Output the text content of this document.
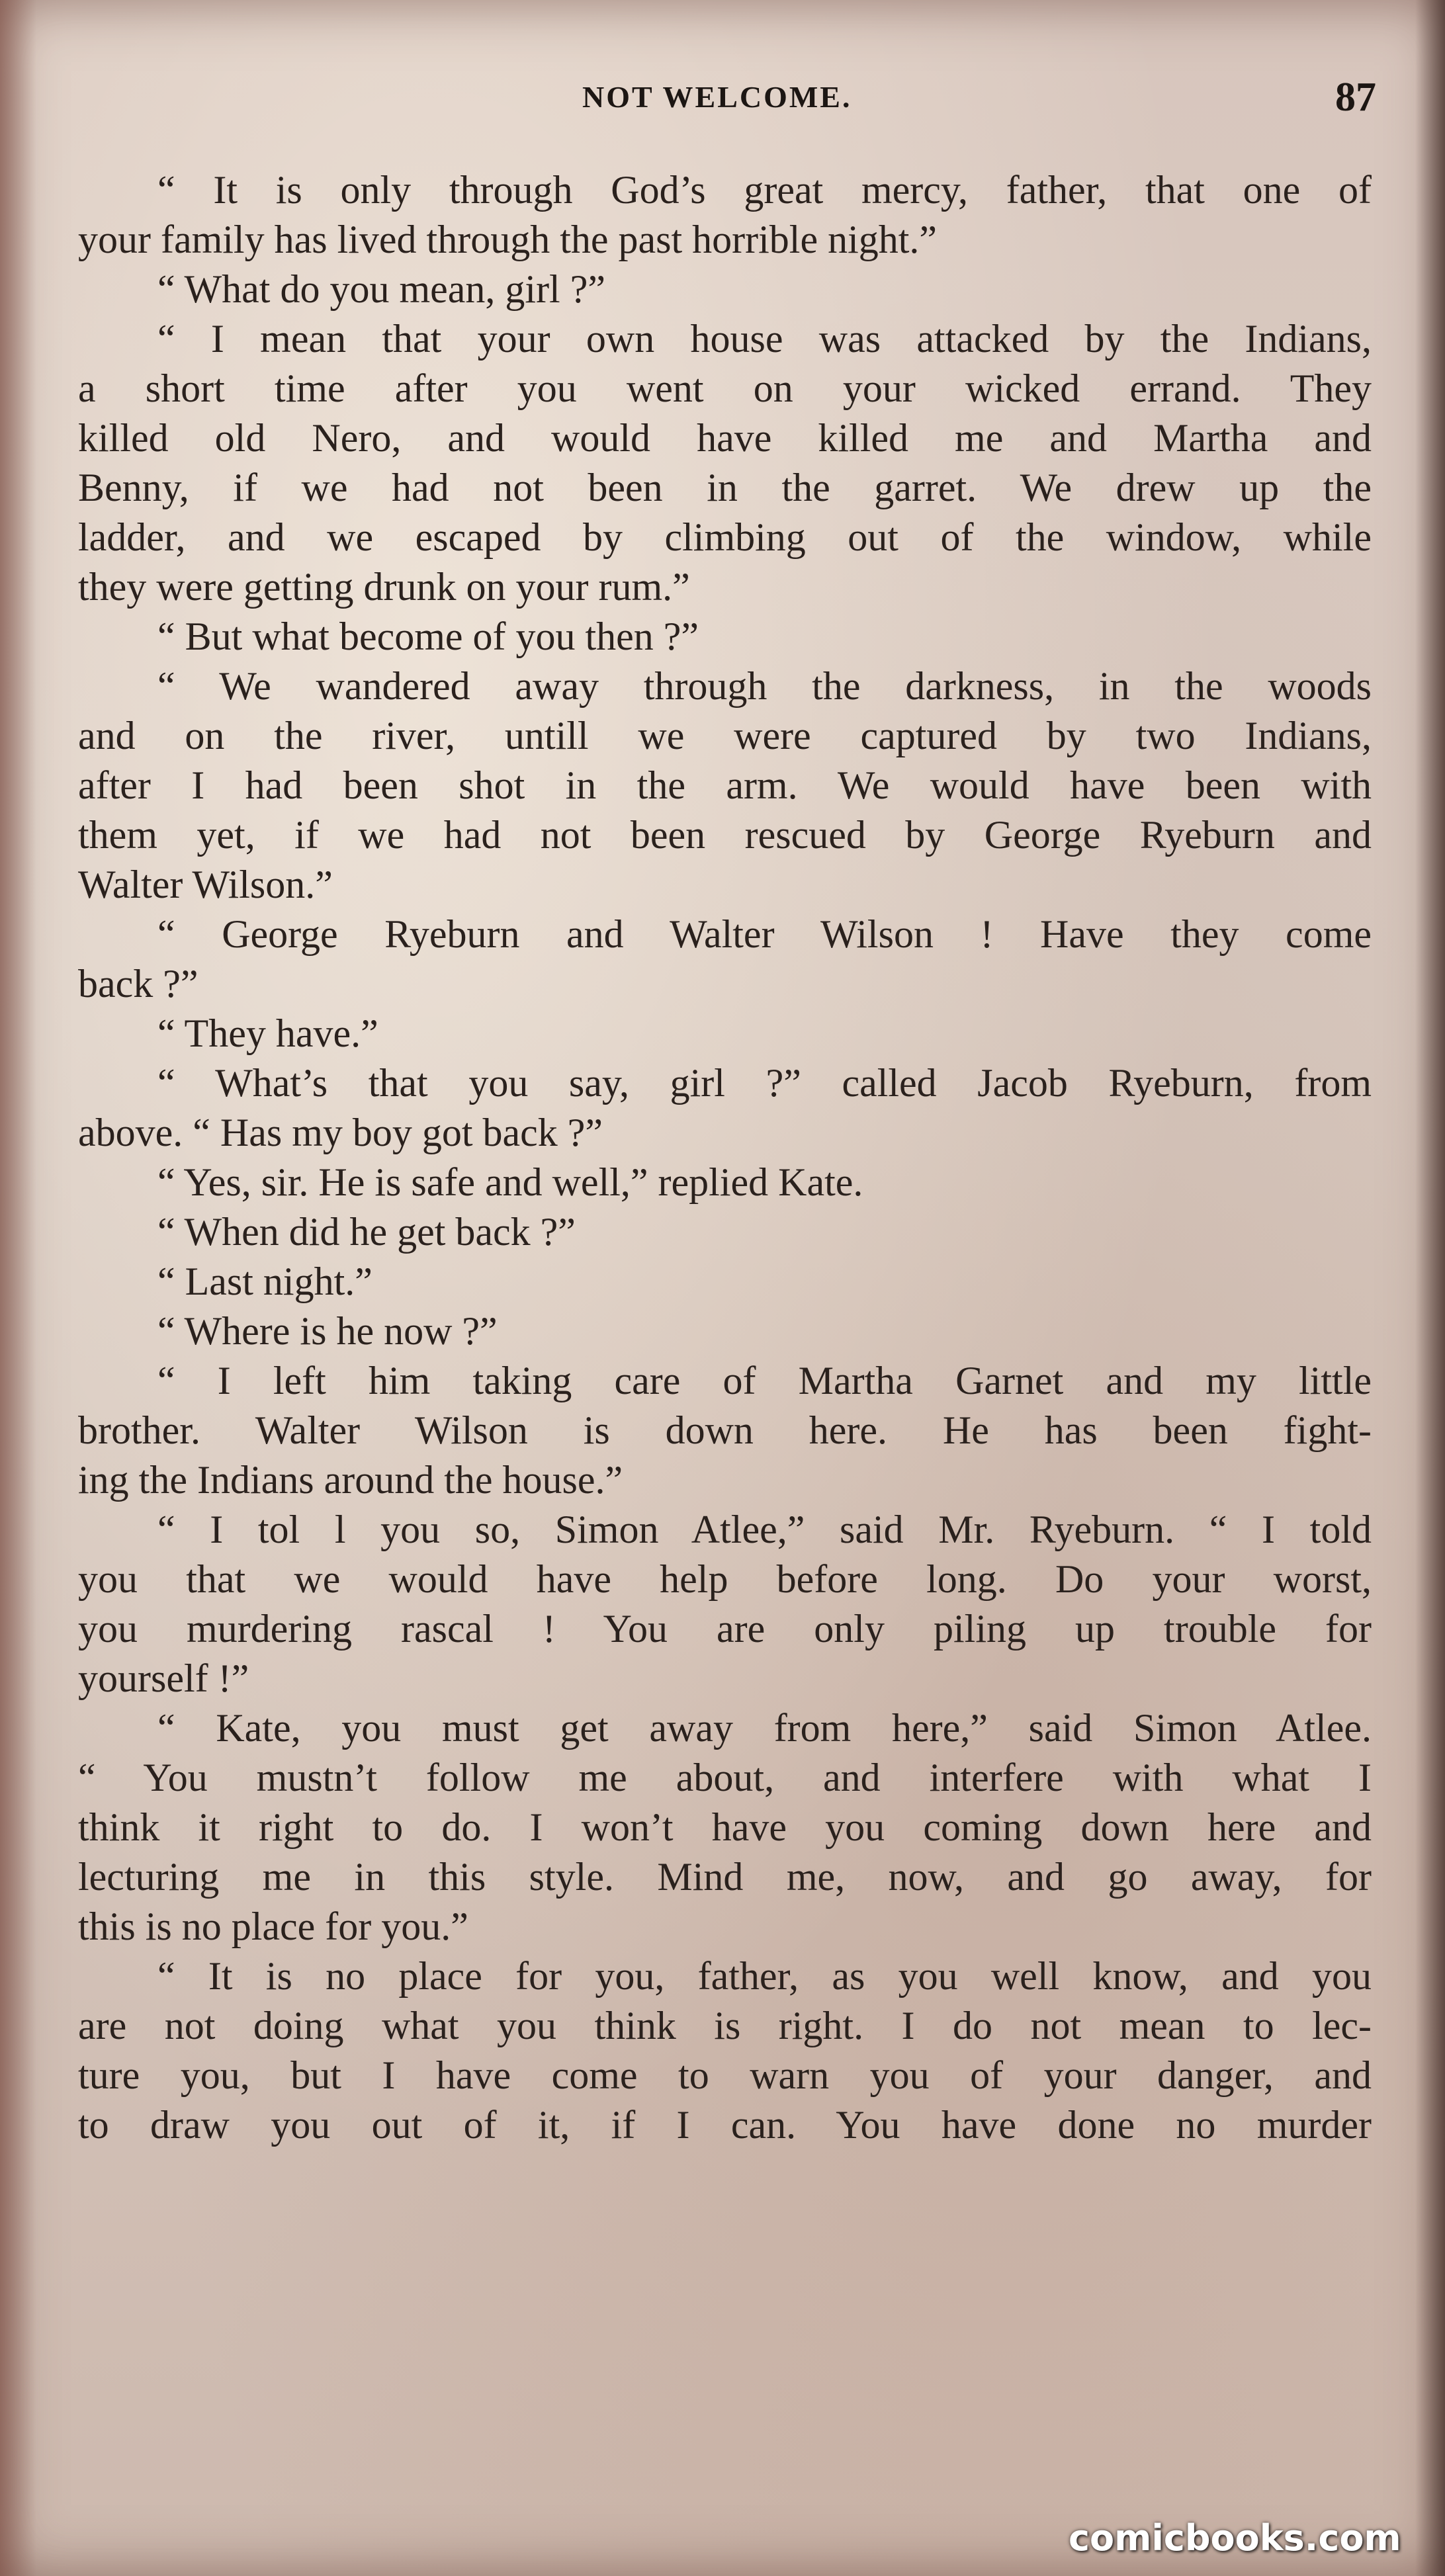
NOT WELCOME.	87
“ It is only through God’s great mercy, father, that one of
your family has lived through the past horrible night.”
“ What do you mean, girl ?”
“ I mean that your own house was attacked by the Indians,
a short time after you went on your wicked errand. They
killed old Nero, and would have killed me and Martha and
Benny, if we had not been in the garret. We drew up the
ladder, and we escaped by climbing out of the window, while
they were getting drunk on your rum.”
“ But what become of you then ?”
“ We wandered away through the darkness, in the woods
and on the river, untill we were captured by two Indians,
after I had been shot in the arm. We would have been with
them yet, if we had not been rescued by George Ryeburn and
Walter Wilson.”
“ George Ryeburn and Walter Wilson ! Have they come
back ?”
“ They have.”
“ What’s that you say, girl ?” called Jacob Ryeburn, from
above. “ Has my boy got back ?”
“ Yes, sir. He is safe and well,” replied Kate.
“ When did he get back ?”
“ Last night.”
“ Where is he now ?”
“ I left him taking care of Martha Garnet and my little
brother. Walter Wilson is down here. He has been fight-
ing the Indians around the house.”
“ I tol l you so, Simon Atlee,” said Mr. Ryeburn. “ I told
you that we would have help before long. Do your worst,
you murdering rascal ! You are only piling up trouble for
yourself !”
“ Kate, you must get away from here,” said Simon Atlee.
“ You mustn’t follow me about, and interfere with what I
think it right to do. I won’t have you coming down here and
lecturing me in this style. Mind me, now, and go away, for
this is no place for you.”
“ It is no place for you, father, as you well know, and you
are not doing what you think is right. I do not mean to lec-
ture you, but I have come to warn you of your danger, and
to draw you out of it, if I can. You have done no murder
comicbooks.com
